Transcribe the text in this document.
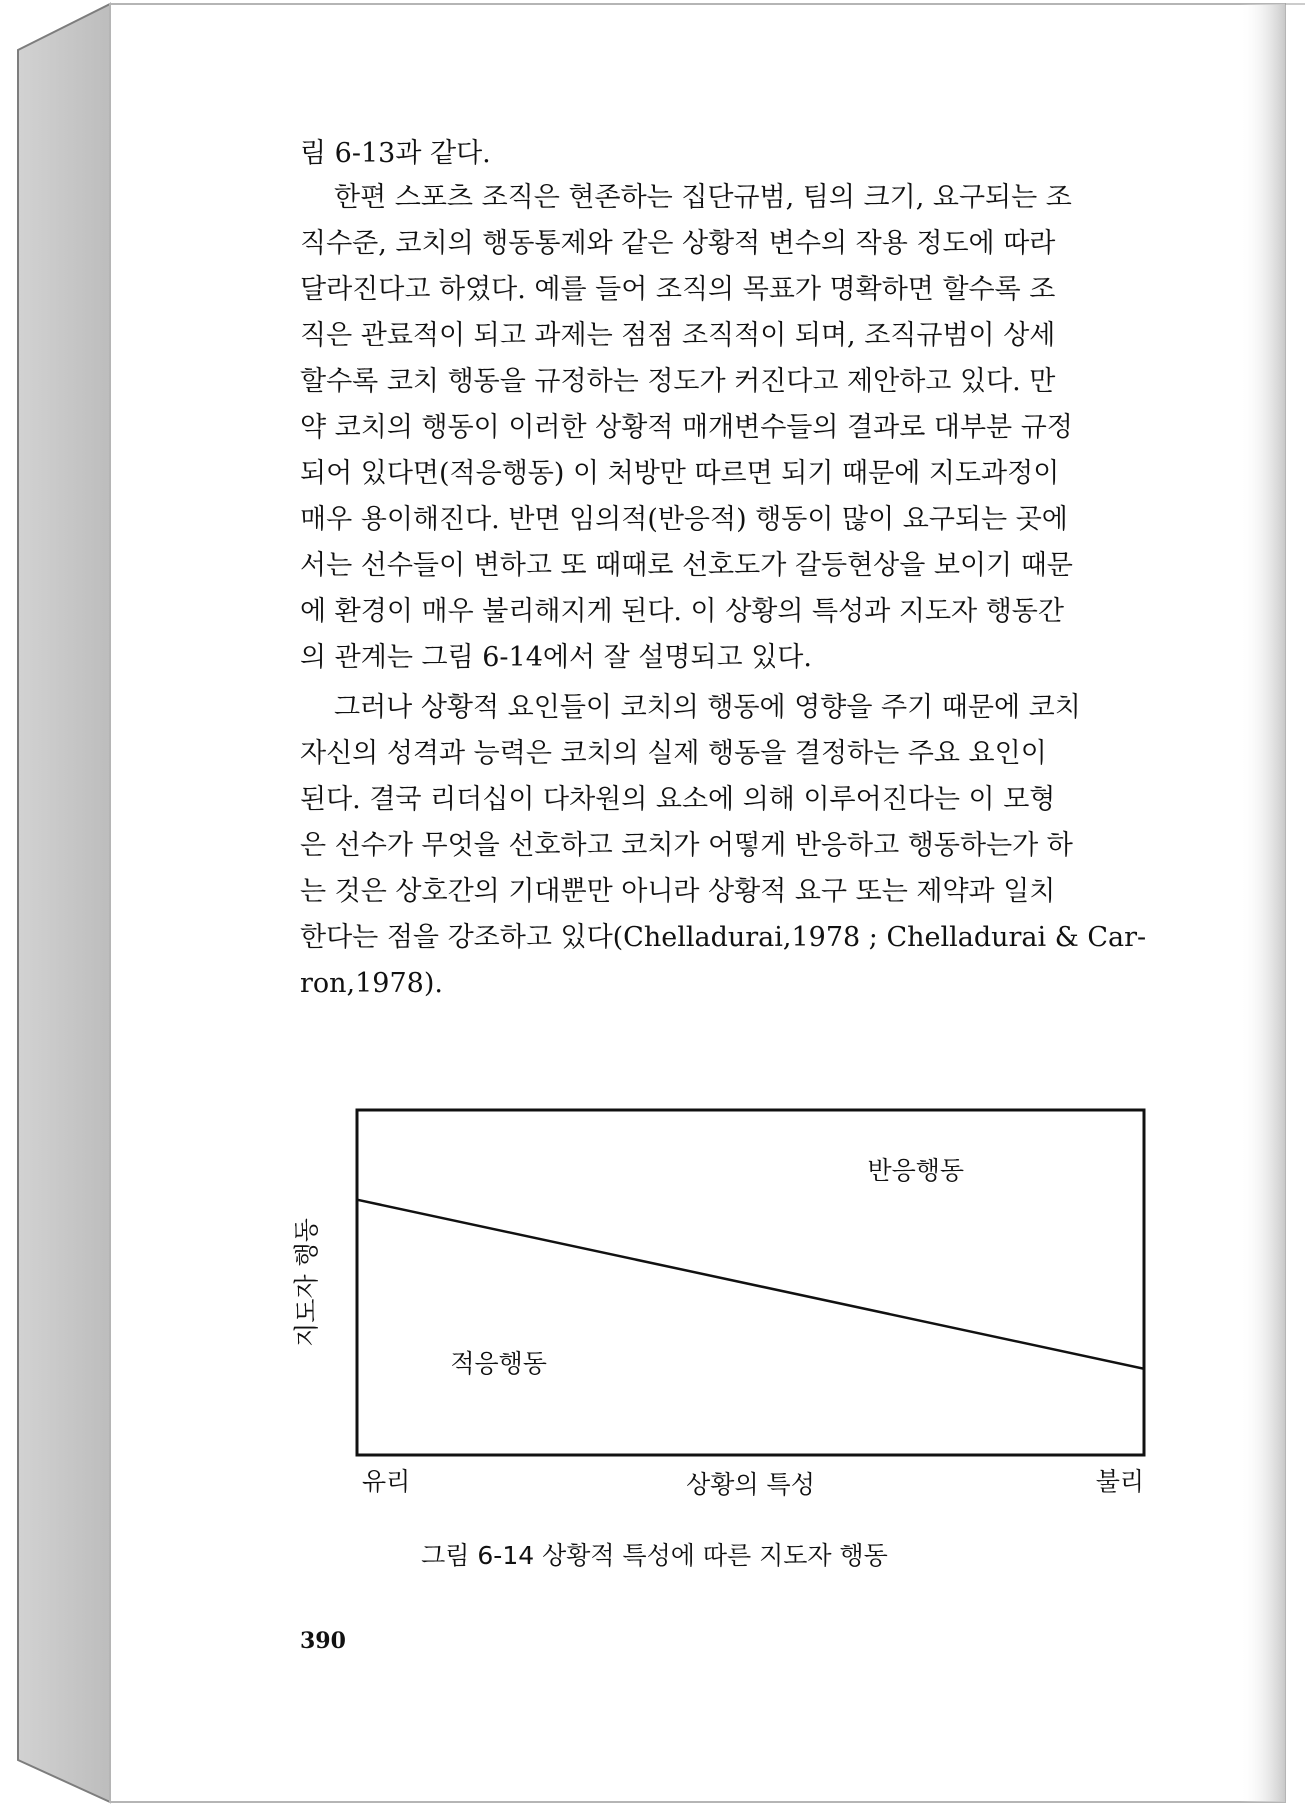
림 6-13과 같다.
한편 스포츠 조직은 현존하는 집단규범, 팀의 크기, 요구되는 조
직수준, 코치의 행동통제와 같은 상황적 변수의 작용 정도에 따라
달라진다고 하였다. 예를 들어 조직의 목표가 명확하면 할수록 조
직은 관료적이 되고 과제는 점점 조직적이 되며, 조직규범이 상세
할수록 코치 행동을 규정하는 정도가 커진다고 제안하고 있다. 만
약 코치의 행동이 이러한 상황적 매개변수들의 결과로 대부분 규정
되어 있다면(적응행동) 이 처방만 따르면 되기 때문에 지도과정이
매우 용이해진다. 반면 임의적(반응적) 행동이 많이 요구되는 곳에
서는 선수들이 변하고 또 때때로 선호도가 갈등현상을 보이기 때문
에 환경이 매우 불리해지게 된다. 이 상황의 특성과 지도자 행동간
의 관계는 그림 6-14에서 잘 설명되고 있다.
그러나 상황적 요인들이 코치의 행동에 영향을 주기 때문에 코치
자신의 성격과 능력은 코치의 실제 행동을 결정하는 주요 요인이
된다. 결국 리더십이 다차원의 요소에 의해 이루어진다는 이 모형
은 선수가 무엇을 선호하고 코치가 어떻게 반응하고 행동하는가 하
는 것은 상호간의 기대뿐만 아니라 상황적 요구 또는 제약과 일치
한다는 점을 강조하고 있다(Chelladurai,1978 ; Chelladurai & Car-
ron,1978).
지도자 행동
상황의 특성
유리	불리
반응행동
적응행동
그림 6-14 상황적 특성에 따른 지도자 행동
390
